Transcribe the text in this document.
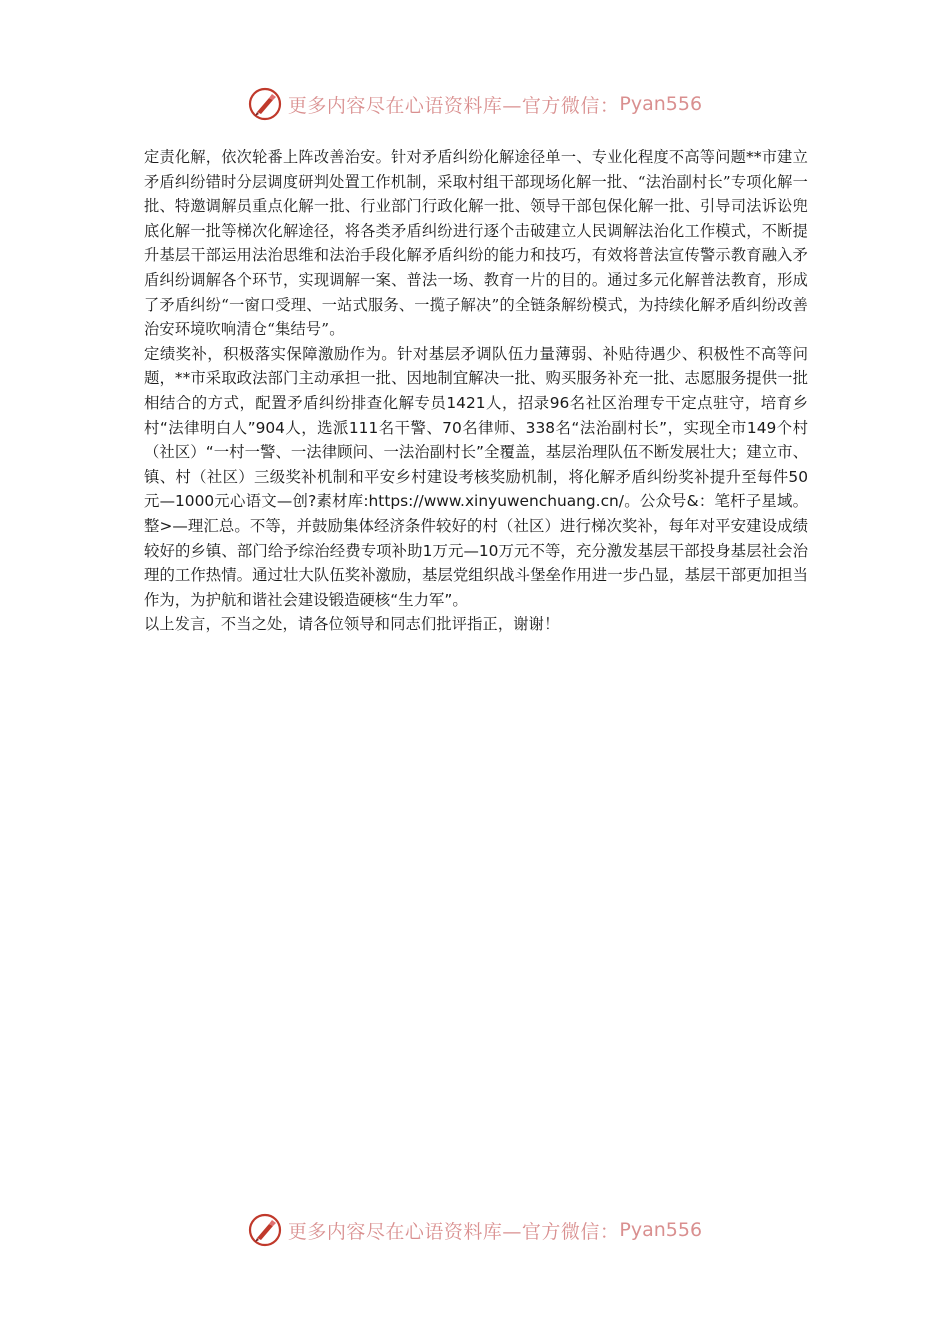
更多内容尽在心语资料库—官方微信： Pyan556

定责化解，依次轮番上阵改善治安。针对矛盾纠纷化解途径单一、专业化程度不高等问题**市建立矛盾纠纷错时分层调度研判处置工作机制，采取村组干部现场化解一批、“法治副村长”专项化解一批、特邀调解员重点化解一批、行业部门行政化解一批、领导干部包保化解一批、引导司法诉讼兜底化解一批等梯次化解途径，将各类矛盾纠纷进行逐个击破建立人民调解法治化工作模式，不断提升基层干部运用法治思维和法治手段化解矛盾纠纷的能力和技巧，有效将普法宣传警示教育融入矛盾纠纷调解各个环节，实现调解一案、普法一场、教育一片的目的。通过多元化解普法教育，形成了矛盾纠纷“一窗口受理、一站式服务、一揽子解决”的全链条解纷模式，为持续化解矛盾纠纷改善治安环境吹响清仓“集结号”。

定绩奖补，积极落实保障激励作为。针对基层矛调队伍力量薄弱、补贴待遇少、积极性不高等问题，**市采取政法部门主动承担一批、因地制宜解决一批、购买服务补充一批、志愿服务提供一批相结合的方式，配置矛盾纠纷排查化解专员1421人，招录96名社区治理专干定点驻守，培育乡村“法律明白人”904人，选派111名干警、70名律师、338名“法治副村长”，实现全市149个村（社区）“一村一警、一法律顾问、一法治副村长”全覆盖，基层治理队伍不断发展壮大；建立市、镇、村（社区）三级奖补机制和平安乡村建设考核奖励机制，将化解矛盾纠纷奖补提升至每件50元—1000元心语文—创?素材库:https://www.xinyuwenchuang.cn/。公众号&：笔杆子星域。整>—理汇总。不等，并鼓励集体经济条件较好的村（社区）进行梯次奖补，每年对平安建设成绩较好的乡镇、部门给予综治经费专项补助1万元—10万元不等，充分激发基层干部投身基层社会治理的工作热情。通过壮大队伍奖补激励，基层党组织战斗堡垒作用进一步凸显，基层干部更加担当作为，为护航和谐社会建设锻造硬核“生力军”。

以上发言，不当之处，请各位领导和同志们批评指正，谢谢！

更多内容尽在心语资料库—官方微信： Pyan556
